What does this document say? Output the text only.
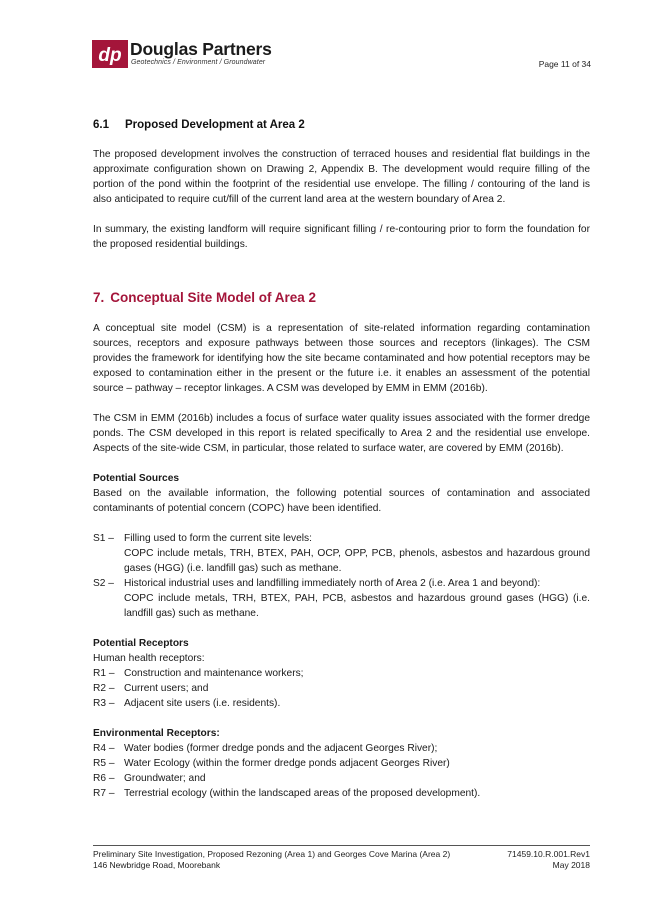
dp Douglas Partners
Geotechnics / Environment / Groundwater	Page 11 of 34
6.1 Proposed Development at Area 2

The proposed development involves the construction of terraced houses and residential flat buildings in the approximate configuration shown on Drawing 2, Appendix B. The development would require filling of the portion of the pond within the footprint of the residential use envelope. The filling / contouring of the land is also anticipated to require cut/fill of the current land area at the western boundary of Area 2.

In summary, the existing landform will require significant filling / re-contouring prior to form the foundation for the proposed residential buildings.

7. Conceptual Site Model of Area 2

A conceptual site model (CSM) is a representation of site-related information regarding contamination sources, receptors and exposure pathways between those sources and receptors (linkages). The CSM provides the framework for identifying how the site became contaminated and how potential receptors may be exposed to contamination either in the present or the future i.e. it enables an assessment of the potential source – pathway – receptor linkages. A CSM was developed by EMM in EMM (2016b).

The CSM in EMM (2016b) includes a focus of surface water quality issues associated with the former dredge ponds. The CSM developed in this report is related specifically to Area 2 and the residential use envelope. Aspects of the site-wide CSM, in particular, those related to surface water, are covered by EMM (2016b).

Potential Sources

Based on the available information, the following potential sources of contamination and associated contaminants of potential concern (COPC) have been identified.

S1 – Filling used to form the current site levels:
COPC include metals, TRH, BTEX, PAH, OCP, OPP, PCB, phenols, asbestos and hazardous ground gases (HGG) (i.e. landfill gas) such as methane.
S2 – Historical industrial uses and landfilling immediately north of Area 2 (i.e. Area 1 and beyond):
COPC include metals, TRH, BTEX, PAH, PCB, asbestos and hazardous ground gases (HGG) (i.e. landfill gas) such as methane.
Potential Receptors
Human health receptors:
R1 – Construction and maintenance workers;
R2 – Current users; and
R3 – Adjacent site users (i.e. residents).
Environmental Receptors:
R4 – Water bodies (former dredge ponds and the adjacent Georges River);
R5 – Water Ecology (within the former dredge ponds adjacent Georges River)
R6 – Groundwater; and
R7 – Terrestrial ecology (within the landscaped areas of the proposed development).
Preliminary Site Investigation, Proposed Rezoning (Area 1) and Georges Cove Marina (Area 2)	71459.10.R.001.Rev1
146 Newbridge Road, Moorebank	May 2018
